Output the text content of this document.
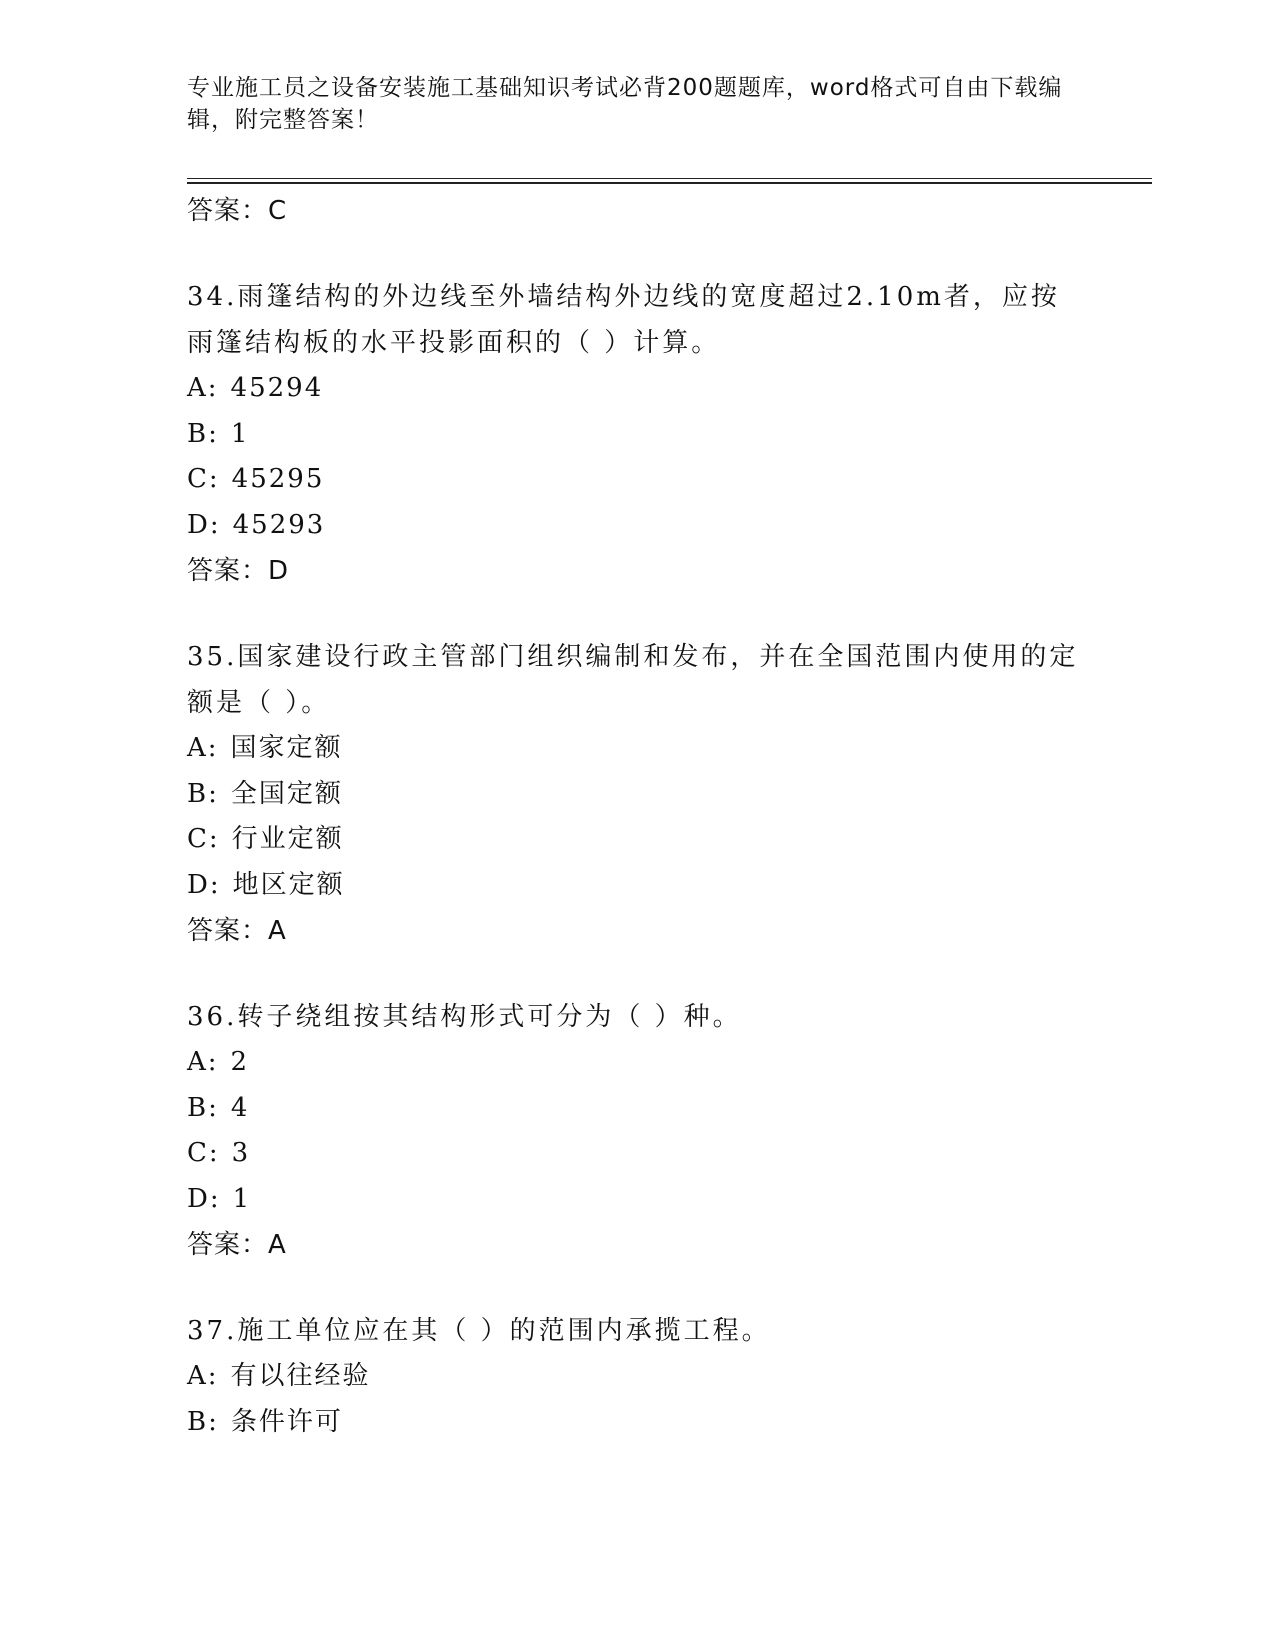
专业施工员之设备安装施工基础知识考试必背200题题库，word格式可自由下载编辑，附完整答案！
答案：C
34.雨篷结构的外边线至外墙结构外边线的宽度超过2.10m者，应按雨篷结构板的水平投影面积的（ ）计算。
A: 45294
B: 1
C: 45295
D: 45293
答案：D
35.国家建设行政主管部门组织编制和发布，并在全国范围内使用的定额是（ ）。
A: 国家定额
B: 全国定额
C: 行业定额
D: 地区定额
答案：A
36.转子绕组按其结构形式可分为（ ）种。
A: 2
B: 4
C: 3
D: 1
答案：A
37.施工单位应在其（ ）的范围内承揽工程。
A: 有以往经验
B: 条件许可
